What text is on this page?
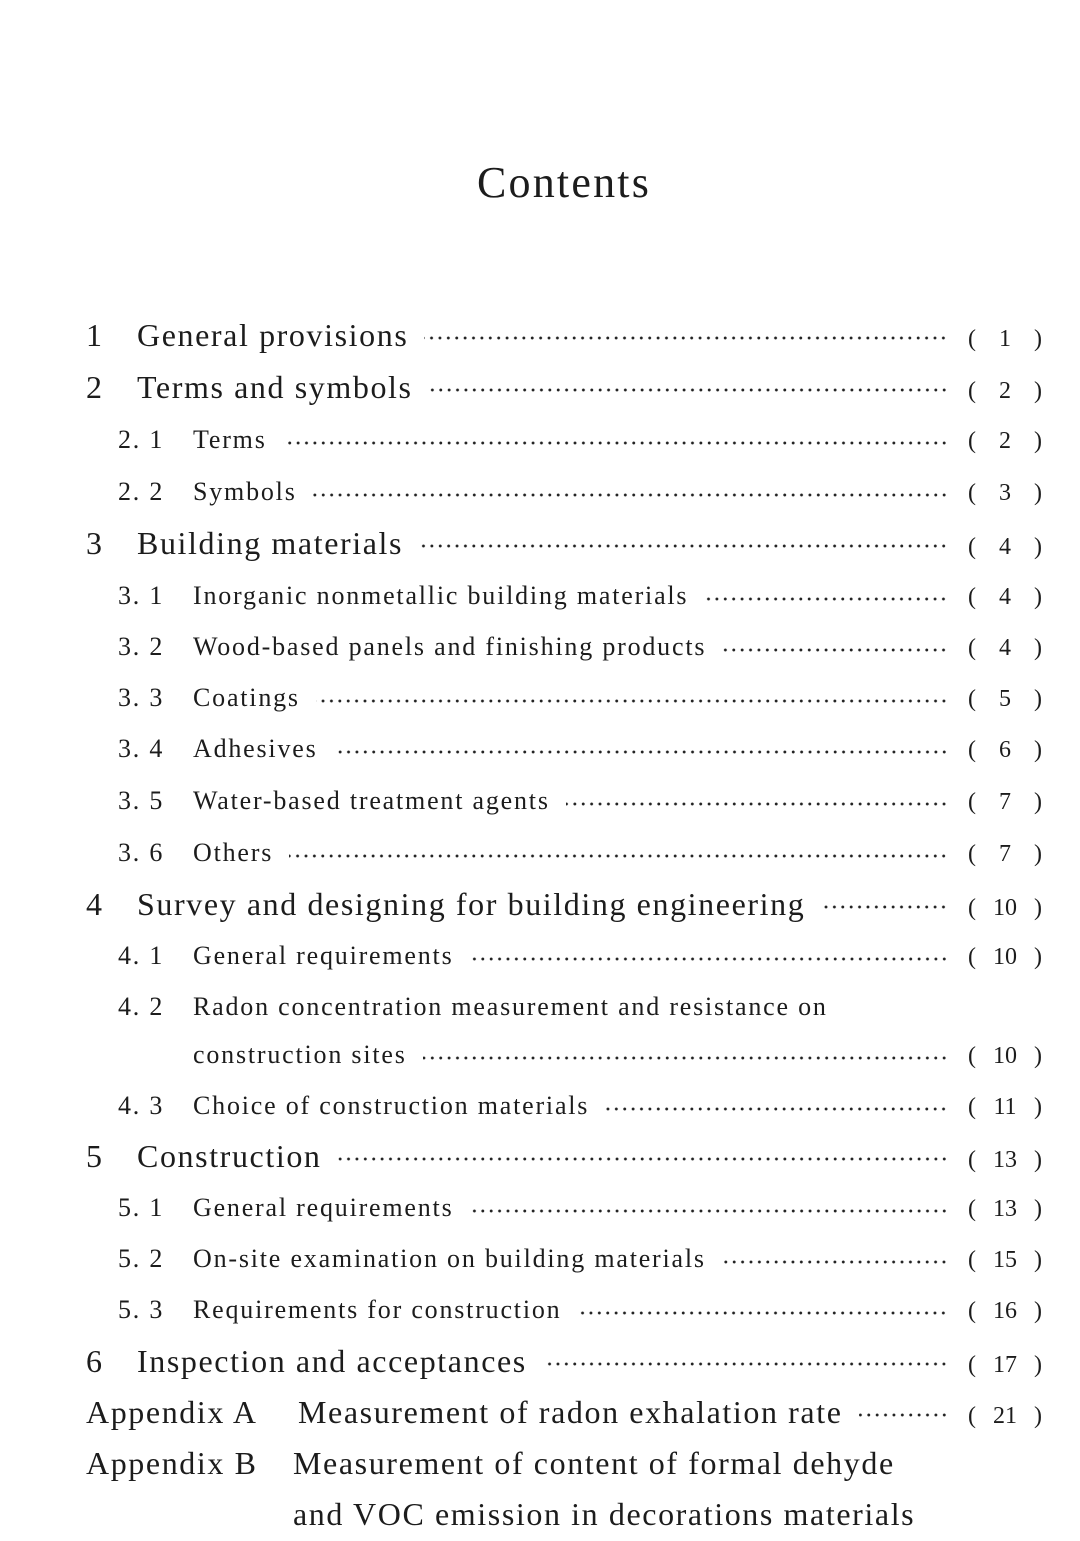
Contents
1	General provisions	( 1 )
2	Terms and symbols	( 2 )
2. 1	Terms	( 2 )
2. 2	Symbols	( 3 )
3	Building materials	( 4 )
3. 1	Inorganic nonmetallic building materials	( 4 )
3. 2	Wood-based panels and finishing products	( 4 )
3. 3	Coatings	( 5 )
3. 4	Adhesives	( 6 )
3. 5	Water-based treatment agents	( 7 )
3. 6	Others	( 7 )
4	Survey and designing for building engineering	( 10 )
4. 1	General requirements	( 10 )
4. 2	Radon concentration measurement and resistance on
construction sites	( 10 )
4. 3	Choice of construction materials	( 11 )
5	Construction	( 13 )
5. 1	General requirements	( 13 )
5. 2	On-site examination on building materials	( 15 )
5. 3	Requirements for construction	( 16 )
6	Inspection and acceptances	( 17 )
Appendix A	Measurement of radon exhalation rate	( 21 )
Appendix B	Measurement of content of formal dehyde
and VOC emission in decorations materials
